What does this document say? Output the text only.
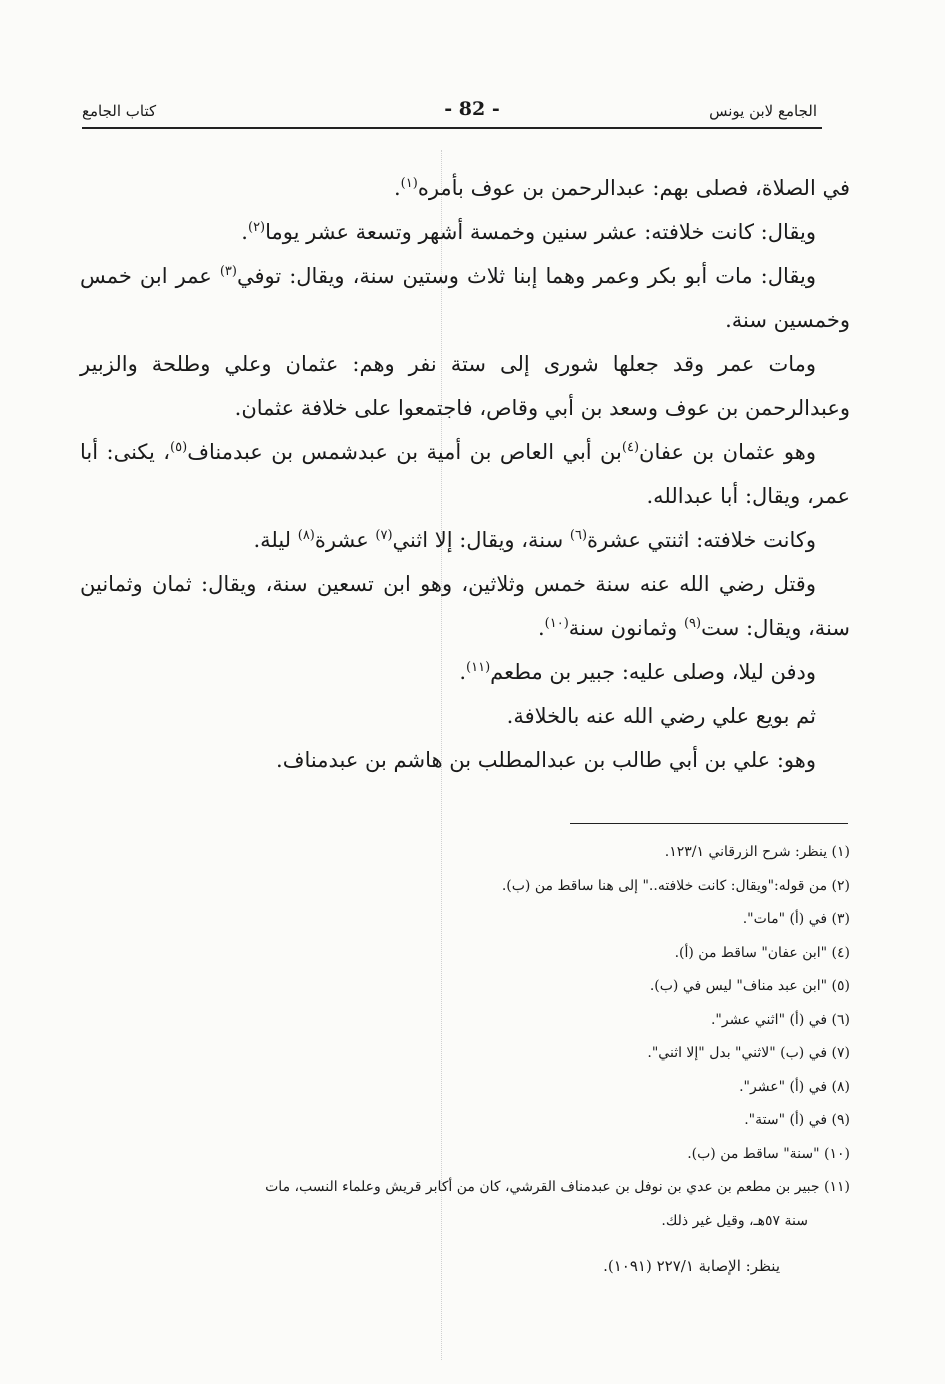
الجامع لابن يونس
- 82 -
كتاب الجامع

في الصلاة، فصلى بهم: عبدالرحمن بن عوف بأمره$^{(١)}$.

ويقال: كانت خلافته: عشر سنين وخمسة أشهر وتسعة عشر يوما$^{(٢)}$.

ويقال: مات أبو بكر وعمر وهما إبنا ثلاث وستين سنة، ويقال: توفي$^{(٣)}$ عمر ابن خمس وخمسين سنة.

ومات عمر وقد جعلها شورى إلى ستة نفر وهم: عثمان وعلي وطلحة والزبير وعبدالرحمن بن عوف وسعد بن أبي وقاص، فاجتمعوا على خلافة عثمان.

وهو عثمان بن عفان$^{(٤)}$بن أبي العاص بن أمية بن عبدشمس بن عبدمناف$^{(٥)}$، يكنى: أبا عمر، ويقال: أبا عبدالله.

وكانت خلافته: اثنتي عشرة$^{(٦)}$ سنة، ويقال: إلا اثني$^{(٧)}$ عشرة$^{(٨)}$ ليلة.

وقتل رضي الله عنه سنة خمس وثلاثين، وهو ابن تسعين سنة، ويقال: ثمان وثمانين سنة، ويقال: ست$^{(٩)}$ وثمانون سنة$^{(١٠)}$.

ودفن ليلا، وصلى عليه: جبير بن مطعم$^{(١١)}$.

ثم بويع علي رضي الله عنه بالخلافة.

وهو: علي بن أبي طالب بن عبدالمطلب بن هاشم بن عبدمناف.

(١) ينظر: شرح الزرقاني ١٢٣/١.

(٢) من قوله:"ويقال: كانت خلافته.." إلى هنا ساقط من (ب).

(٣) في (أ) "مات".

(٤) "ابن عفان" ساقط من (أ).

(٥) "ابن عبد مناف" ليس في (ب).

(٦) في (أ) "اثني عشر".

(٧) في (ب) "لاثني" بدل "إلا اثني".

(٨) في (أ) "عشر".

(٩) في (أ) "ستة".

(١٠) "سنة" ساقط من (ب).

(١١) جبير بن مطعم بن عدي بن نوفل بن عبدمناف القرشي، كان من أكابر قريش وعلماء النسب، مات

سنة ٥٧هـ، وقيل غير ذلك.

ينظر: الإصابة ٢٢٧/١ (١٠٩١).
